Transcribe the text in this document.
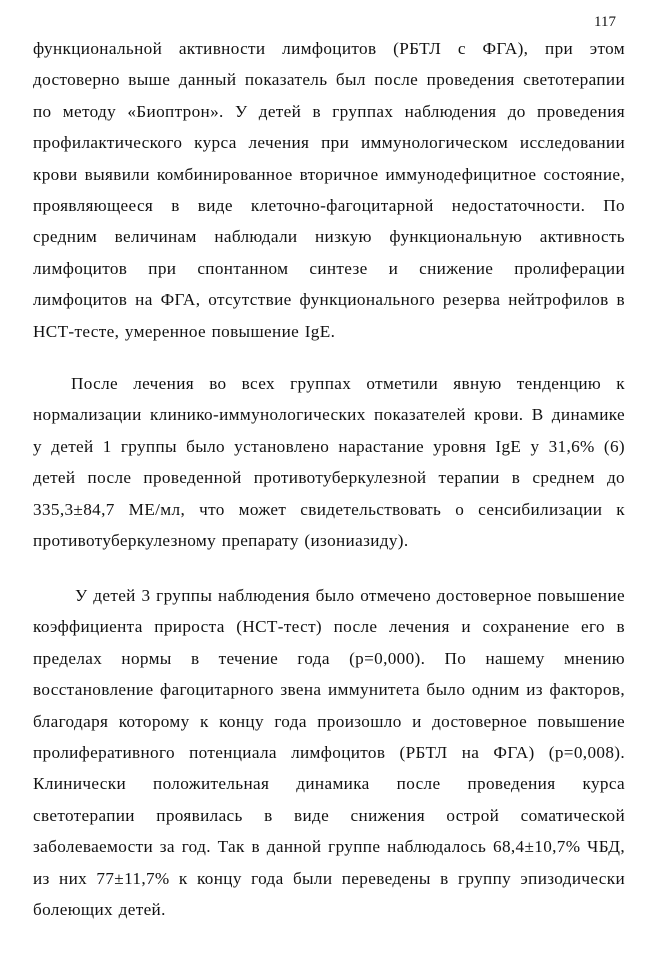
117

функциональной активности лимфоцитов (РБТЛ с ФГА), при этом достоверно выше данный показатель был после проведения светотерапии по методу «Биоптрон». У детей в группах наблюдения до проведения профилактического курса лечения при иммунологическом исследовании крови выявили комбинированное вторичное иммунодефицитное состояние, проявляющееся в виде клеточно-фагоцитарной недостаточности. По средним величинам наблюдали низкую функциональную активность лимфоцитов при спонтанном синтезе и снижение пролиферации лимфоцитов на ФГА, отсутствие функционального резерва нейтрофилов в НСТ-тесте, умеренное повышение IgE.

После лечения во всех группах отметили явную тенденцию к нормализации клинико-иммунологических показателей крови. В динамике у детей 1 группы было установлено нарастание уровня IgE у 31,6% (6) детей после проведенной противотуберкулезной терапии в среднем до 335,3±84,7 МЕ/мл, что может свидетельствовать о сенсибилизации к противотуберкулезному препарату (изониазиду).

У детей 3 группы наблюдения было отмечено достоверное повышение коэффициента прироста (НСТ-тест) после лечения и сохранение его в пределах нормы в течение года (р=0,000). По нашему мнению восстановление фагоцитарного звена иммунитета было одним из факторов, благодаря которому к концу года произошло и достоверное повышение пролиферативного потенциала лимфоцитов (РБТЛ на ФГА) (р=0,008). Клинически положительная динамика после проведения курса светотерапии проявилась в виде снижения острой соматической заболеваемости за год. Так в данной группе наблюдалось 68,4±10,7% ЧБД, из них 77±11,7% к концу года были переведены в группу эпизодически болеющих детей.
